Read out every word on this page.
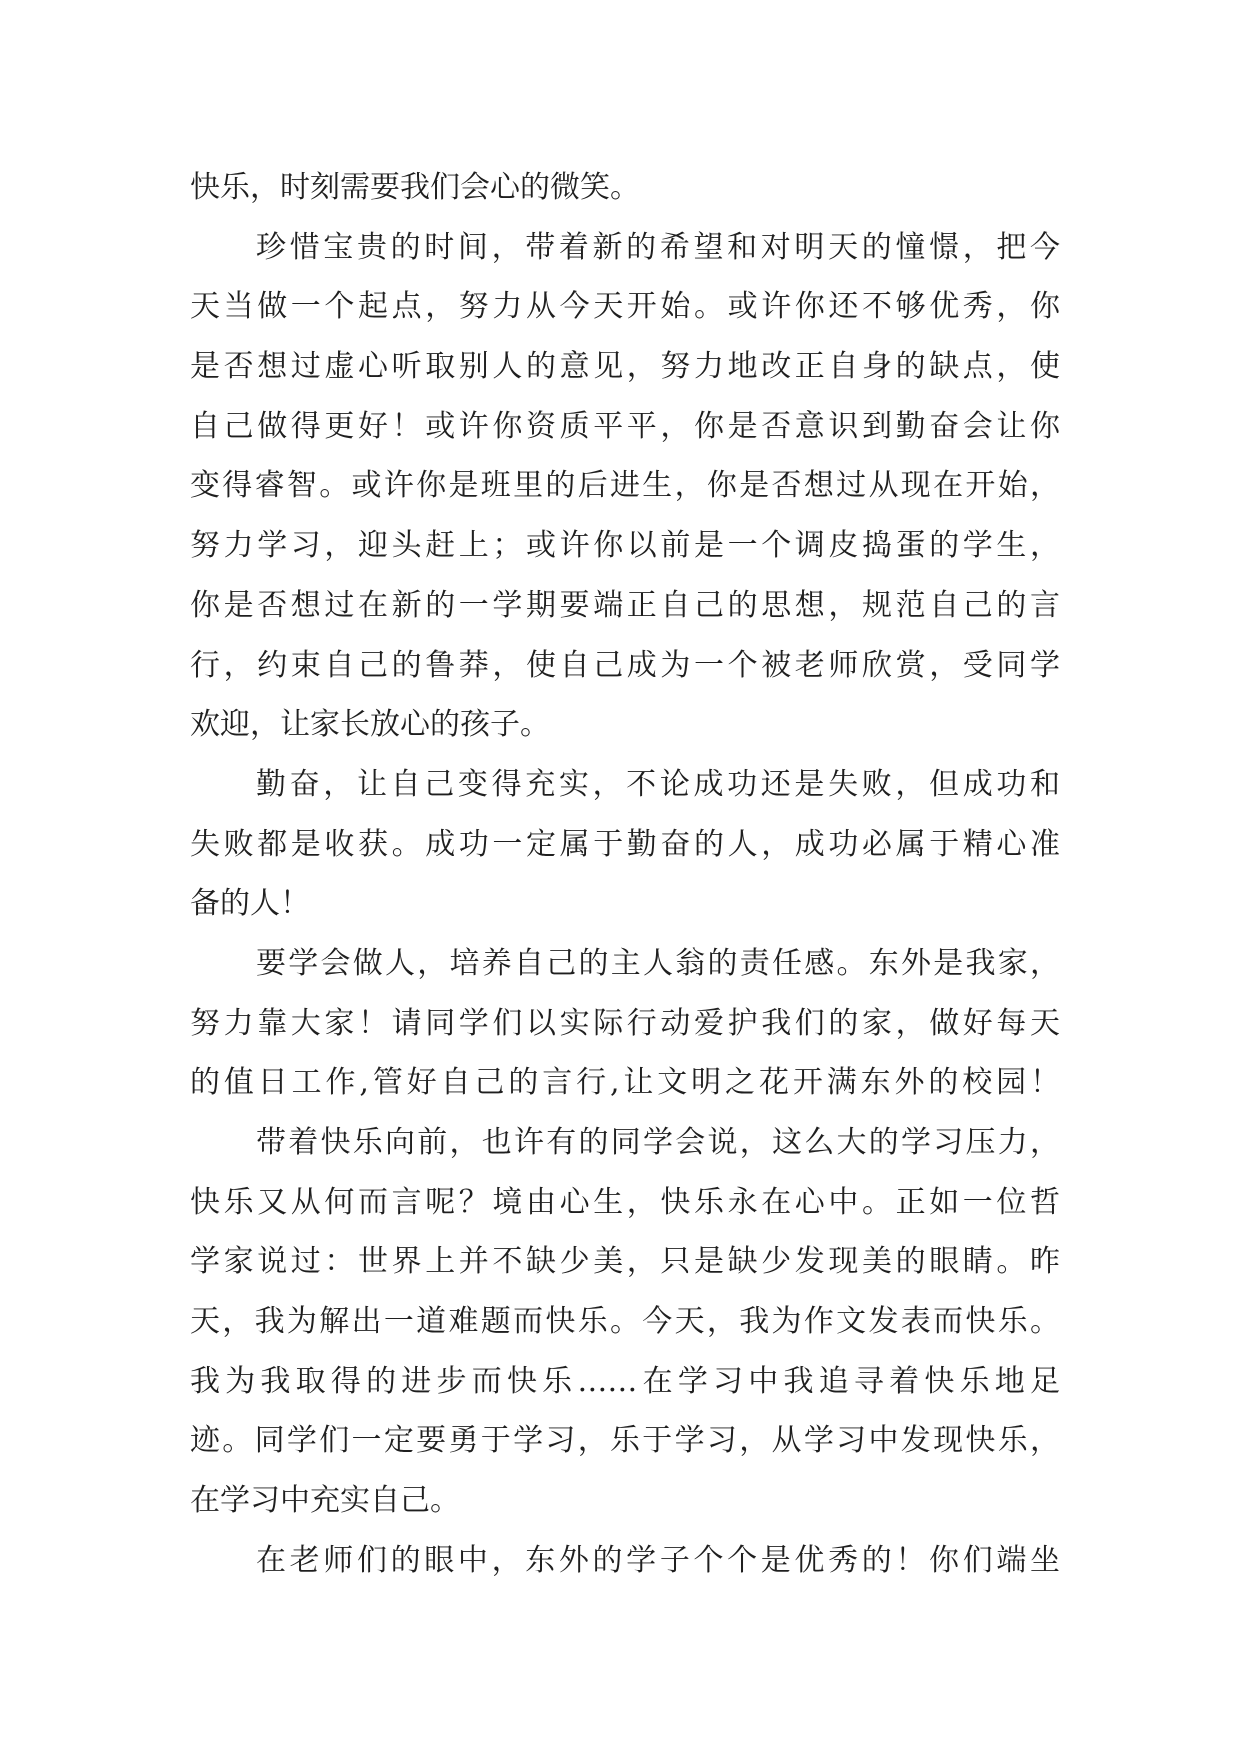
快乐，时刻需要我们会心的微笑。
珍惜宝贵的时间，带着新的希望和对明天的憧憬，把今
天当做一个起点，努力从今天开始。或许你还不够优秀，你
是否想过虚心听取别人的意见，努力地改正自身的缺点，使
自己做得更好！或许你资质平平，你是否意识到勤奋会让你
变得睿智。或许你是班里的后进生，你是否想过从现在开始，
努力学习，迎头赶上；或许你以前是一个调皮捣蛋的学生，
你是否想过在新的一学期要端正自己的思想，规范自己的言
行，约束自己的鲁莽，使自己成为一个被老师欣赏，受同学
欢迎，让家长放心的孩子。
勤奋，让自己变得充实，不论成功还是失败，但成功和
失败都是收获。成功一定属于勤奋的人，成功必属于精心准
备的人！
要学会做人，培养自己的主人翁的责任感。东外是我家，
努力靠大家！请同学们以实际行动爱护我们的家，做好每天
的值日工作,管好自己的言行,让文明之花开满东外的校园！
带着快乐向前，也许有的同学会说，这么大的学习压力，
快乐又从何而言呢？境由心生，快乐永在心中。正如一位哲
学家说过：世界上并不缺少美，只是缺少发现美的眼睛。昨
天，我为解出一道难题而快乐。今天，我为作文发表而快乐。
我为我取得的进步而快乐……在学习中我追寻着快乐地足
迹。同学们一定要勇于学习，乐于学习，从学习中发现快乐，
在学习中充实自己。
在老师们的眼中，东外的学子个个是优秀的！你们端坐
